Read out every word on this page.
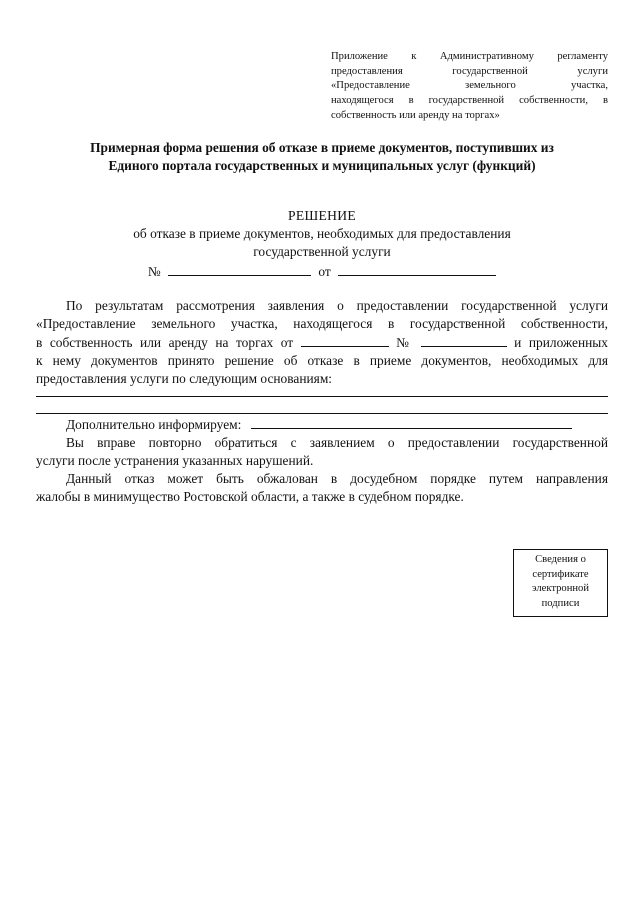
Приложение к Административному регламенту
предоставления государственной услуги
«Предоставление земельного участка,
находящегося в государственной собственности, в
собственность или аренду на торгах»
Примерная форма решения об отказе в приеме документов, поступивших из
Единого портала государственных и муниципальных услуг (функций)
РЕШЕНИЕ
об отказе в приеме документов, необходимых для предоставления
государственной услуги
№	от
По результатам рассмотрения заявления о предоставлении государственной услуги
«Предоставление земельного участка, находящегося в государственной собственности,
в собственность или аренду на торгах от	№	и приложенных
к нему документов принято решение об отказе в приеме документов, необходимых для
предоставления услуги по следующим основаниям:
Дополнительно информируем:
Вы вправе повторно обратиться с заявлением о предоставлении государственной
услуги после устранения указанных нарушений.
Данный отказ может быть обжалован в досудебном порядке путем направления
жалобы в минимущество Ростовской области, а также в судебном порядке.
Сведения о
сертификате
электронной
подписи
